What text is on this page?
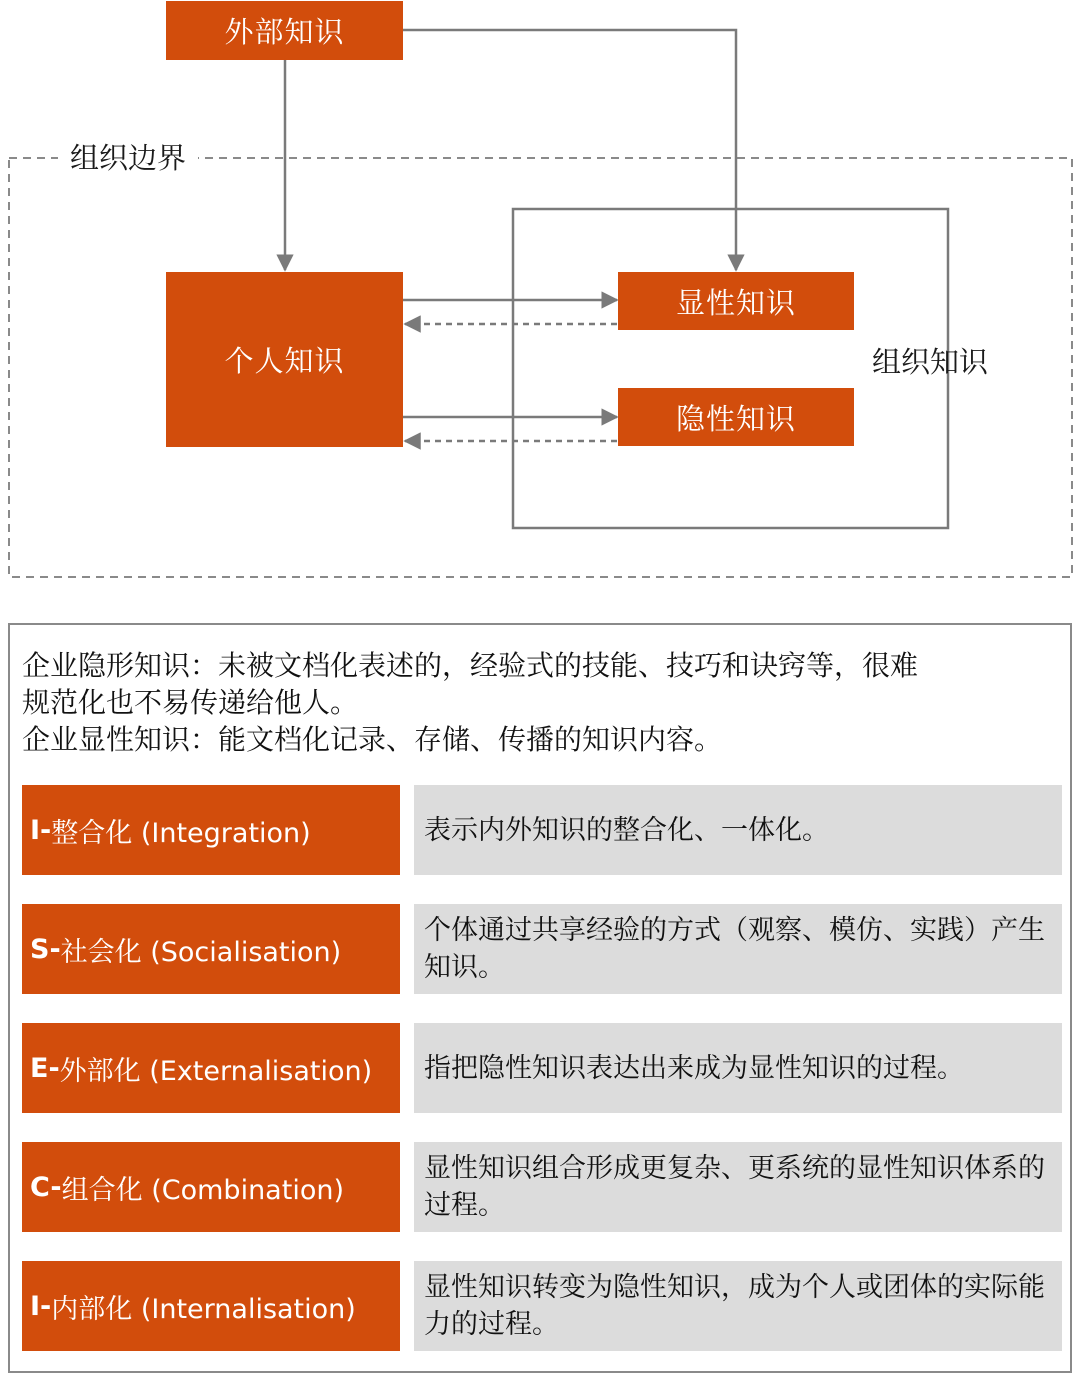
外部知识
组织边界
个人知识
显性知识
隐性知识
组织知识
企业隐形知识：未被文档化表述的，经验式的技能、技巧和诀窍等，很难
规范化也不易传递给他人。
企业显性知识：能文档化记录、存储、传播的知识内容。
I- 整合化 (Integration)	表示内外知识的整合化、一体化。
S- 社会化 (Socialisation)
个体通过共享经验的方式（观察、模仿、实践）产生知识。
E- 外部化 (Externalisation)	指把隐性知识表达出来成为显性知识的过程。
C- 组合化 (Combination)
显性知识组合形成更复杂、更系统的显性知识体系的过程。
I- 内部化 (Internalisation)
显性知识转变为隐性知识，成为个人或团体的实际能力的过程。
